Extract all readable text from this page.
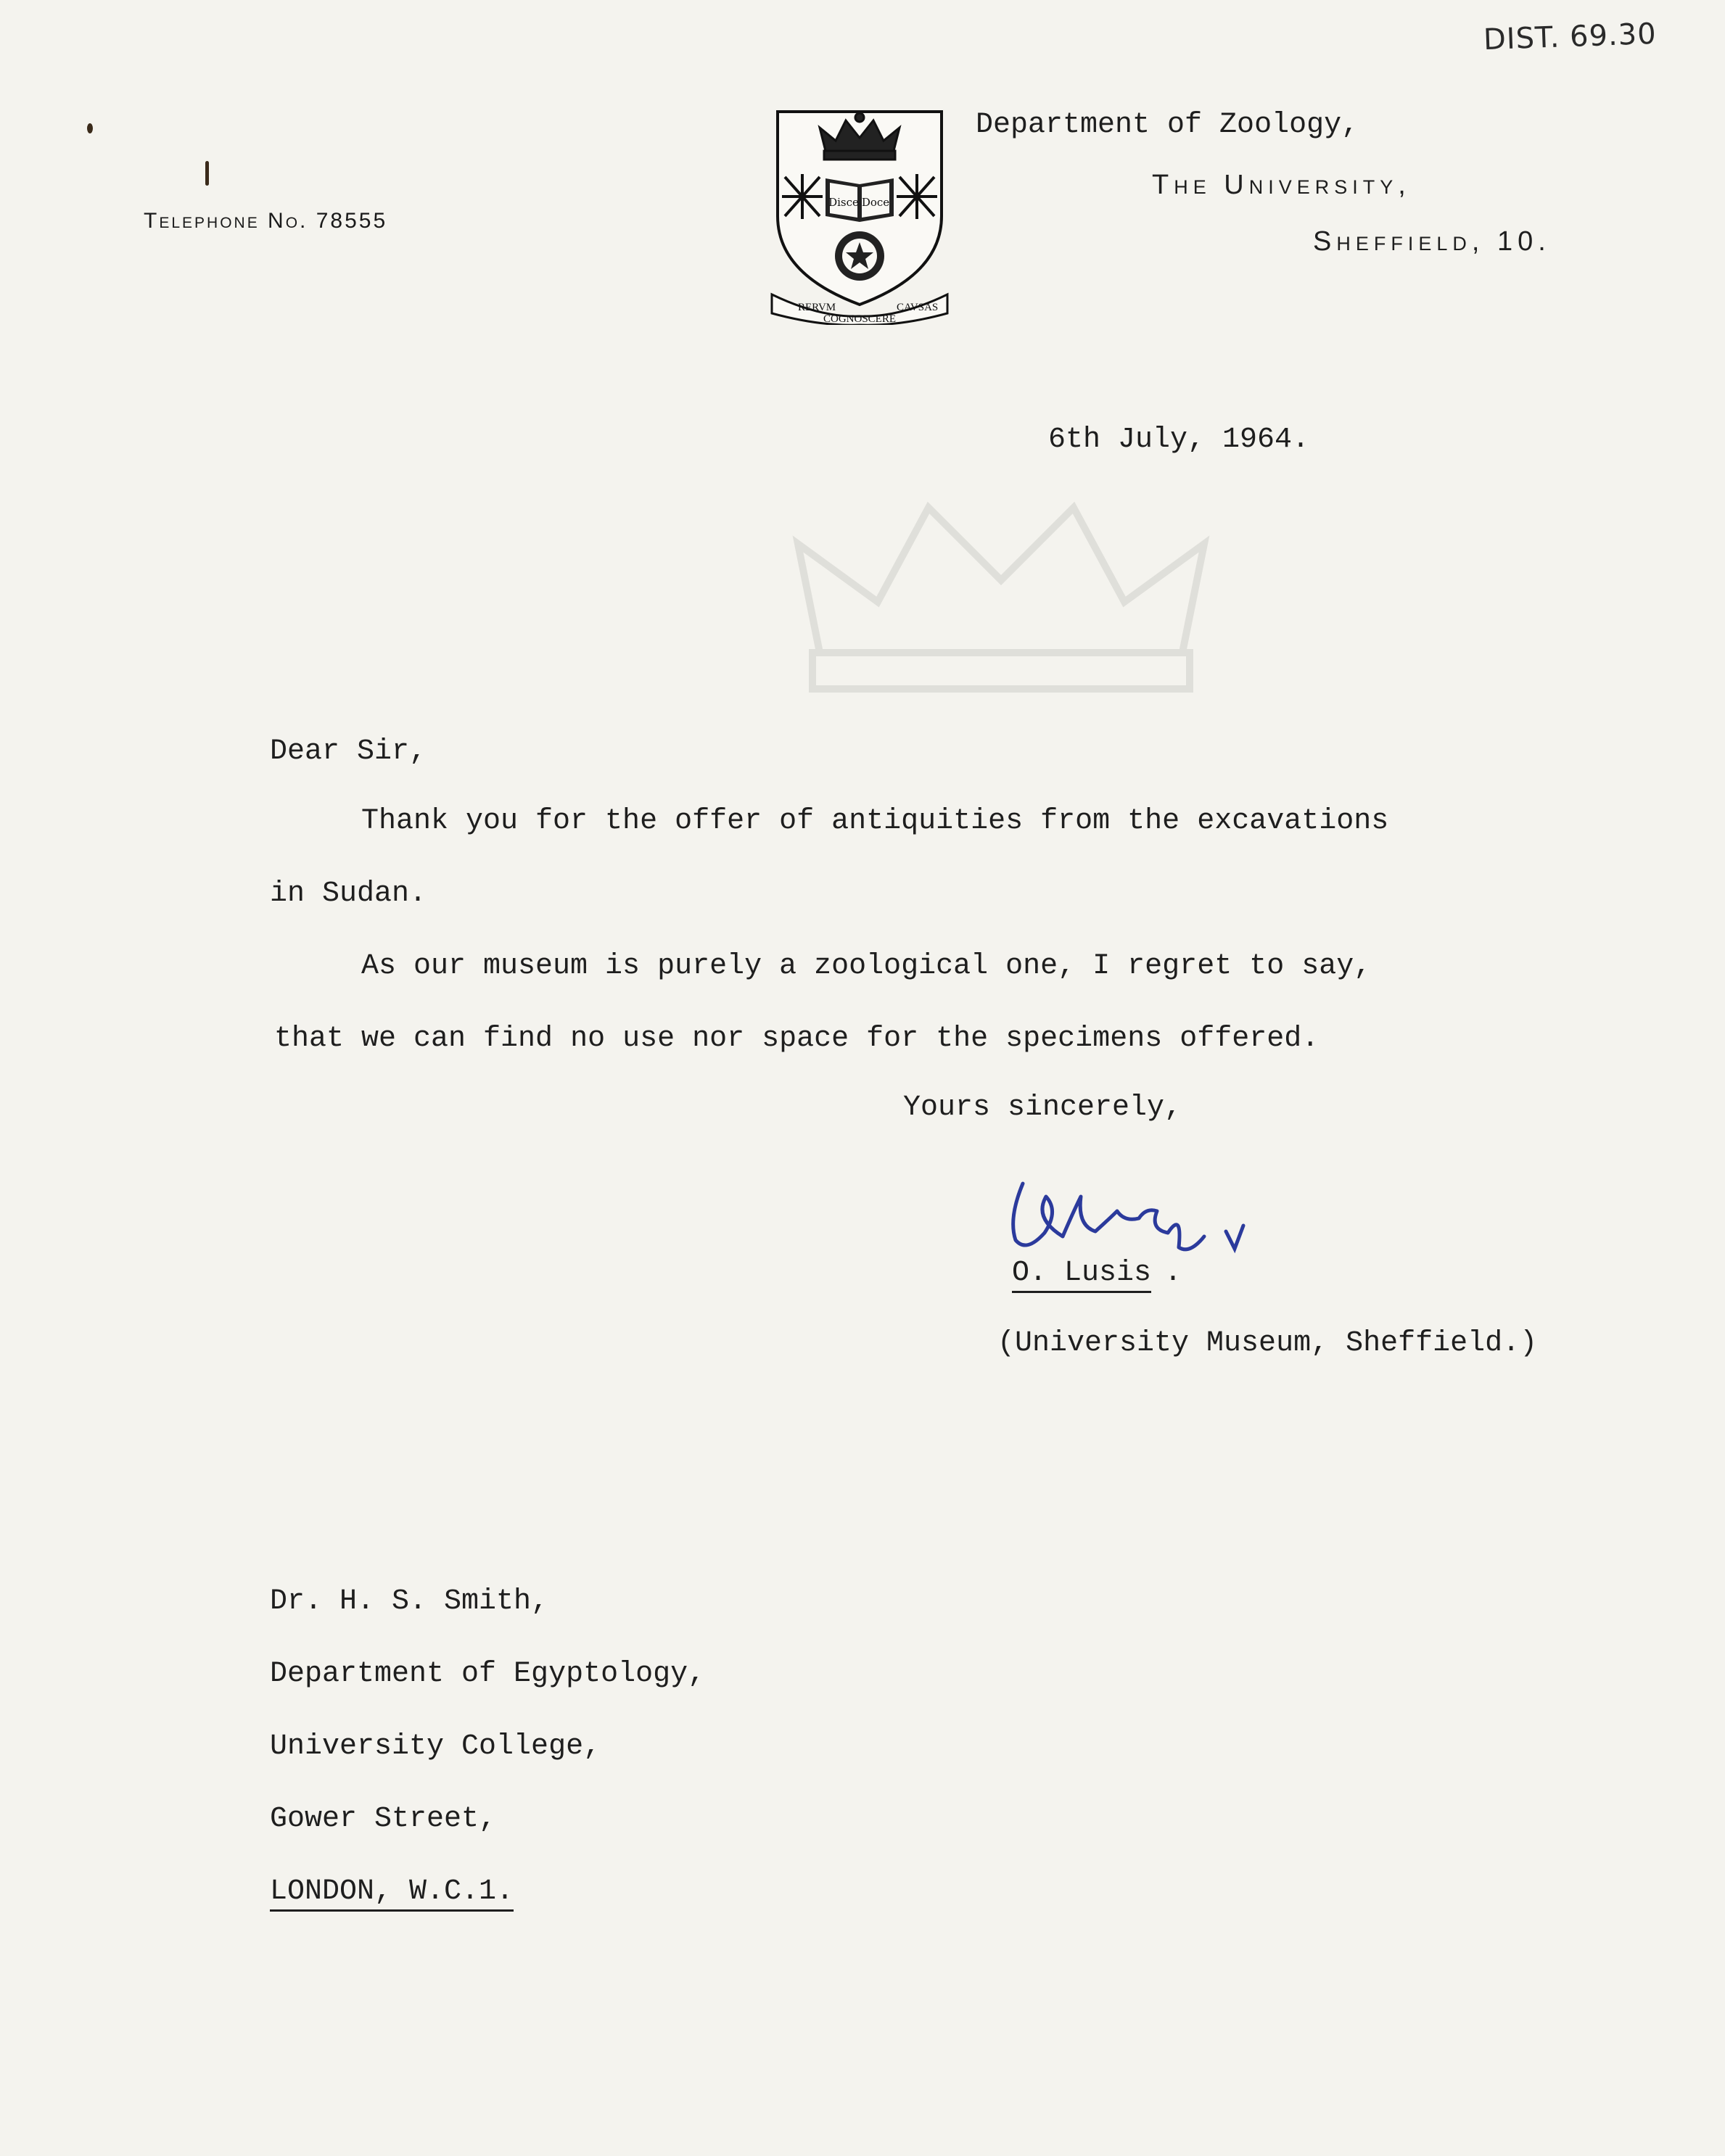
DIST. 69.30
Telephone No. 78555
Disce Doce
RERVM
COGNOSCERE
CAVSAS
Department of Zoology,
The University,
Sheffield, 10.
6th July, 1964.
Dear Sir,
Thank you for the offer of antiquities from the excavations
in Sudan.
As our museum is purely a zoological one, I regret to say,
that we can find no use nor space for the specimens offered.
Yours sincerely,
O. Lusis .
(University Museum, Sheffield.)
Dr. H. S. Smith,
Department of Egyptology,
University College,
Gower Street,
LONDON, W.C.1.
